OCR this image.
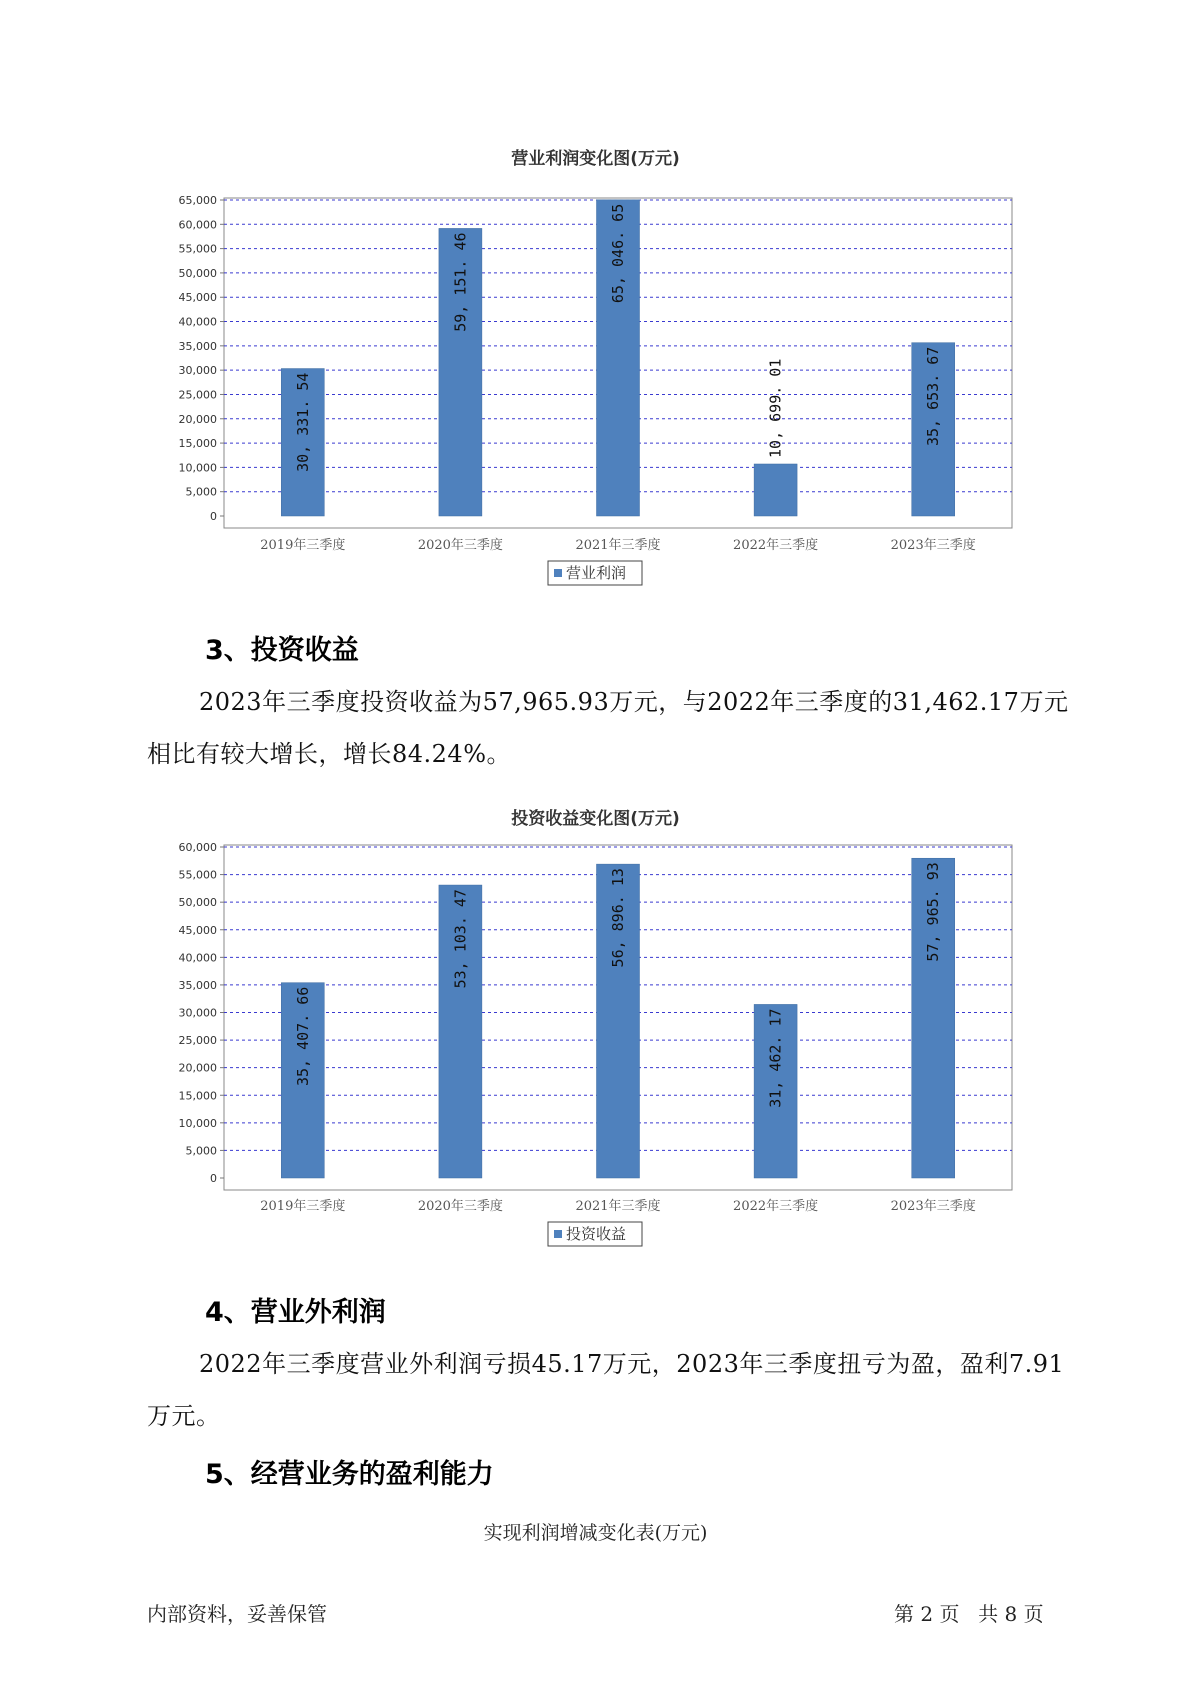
营业利润变化图(万元)
0
5,000
10,000
15,000
20,000
25,000
30,000
35,000
40,000
45,000
50,000
55,000
60,000
65,000
30, 331. 54
2019年三季度
59, 151. 46
2020年三季度
65, 046. 65
2021年三季度
10, 699. 01
2022年三季度
35, 653. 67
2023年三季度
营业利润
3、投资收益
2023年三季度投资收益为57,965.93万元，与2022年三季度的31,462.17万元相比有较大增长，增长84.24%。
投资收益变化图(万元)
0
5,000
10,000
15,000
20,000
25,000
30,000
35,000
40,000
45,000
50,000
55,000
60,000
35, 407. 66
2019年三季度
53, 103. 47
2020年三季度
56, 896. 13
2021年三季度
31, 462. 17
2022年三季度
57, 965. 93
2023年三季度
投资收益
4、营业外利润
2022年三季度营业外利润亏损45.17万元，2023年三季度扭亏为盈，盈利7.91万元。
5、经营业务的盈利能力
实现利润增减变化表(万元)
内部资料，妥善保管	第 2 页 共 8 页
